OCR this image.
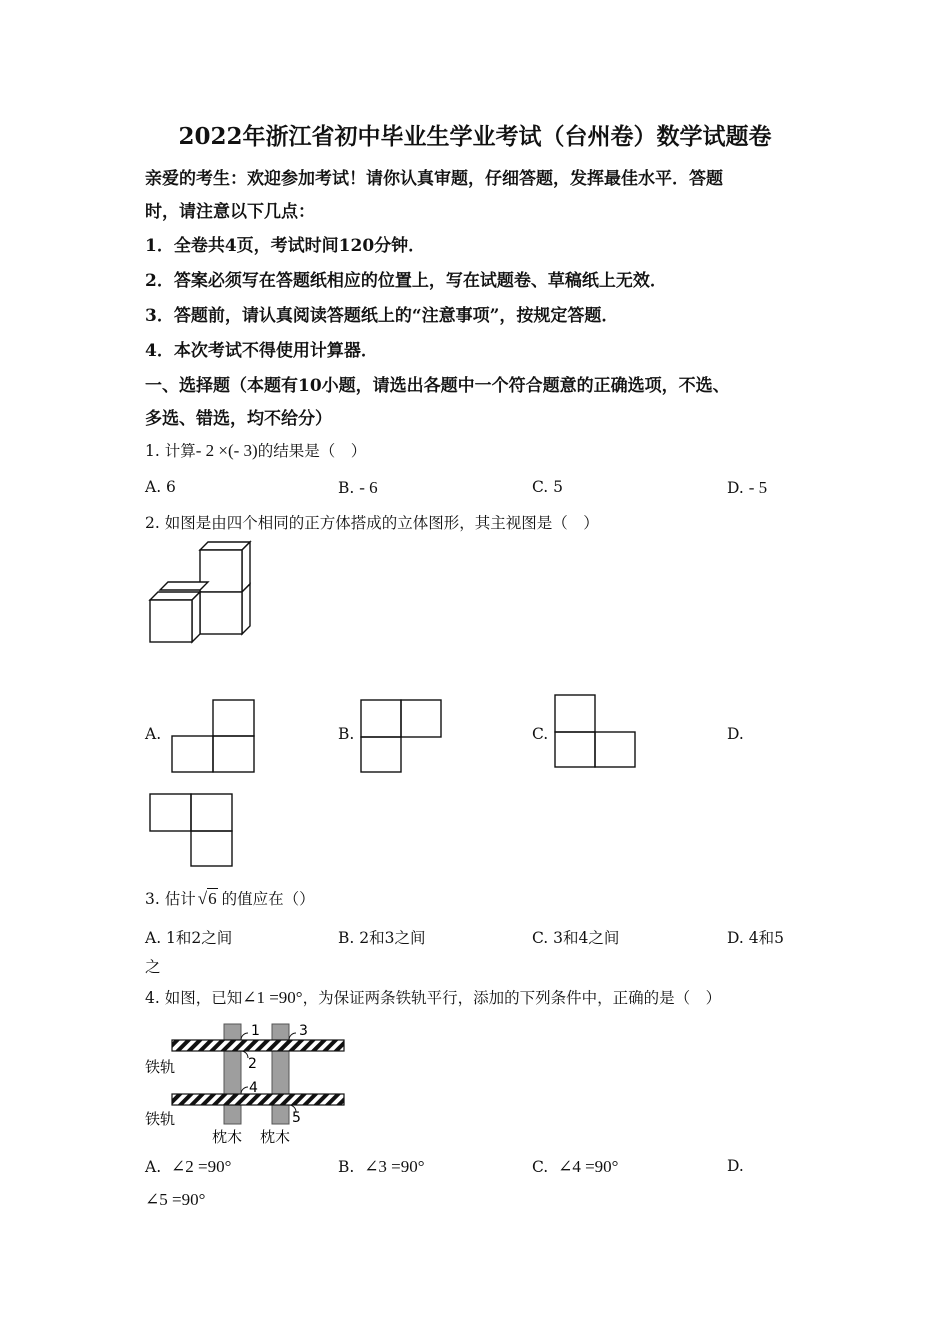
2022年浙江省初中毕业生学业考试（台州卷）数学试题卷
亲爱的考生：欢迎参加考试！请你认真审题，仔细答题，发挥最佳水平．答题
时，请注意以下几点：
1．全卷共4页，考试时间120分钟．
2．答案必须写在答题纸相应的位置上，写在试题卷、草稿纸上无效．
3．答题前，请认真阅读答题纸上的“注意事项”，按规定答题．
4．本次考试不得使用计算器．
一、选择题（本题有10小题，请选出各题中一个符合题意的正确选项，不选、
多选、错选，均不给分）
1. 计算- 2 ×(- 3)的结果是（　）
A. 6	B. - 6	C. 5	D. - 5
2. 如图是由四个相同的正方体搭成的立体图形，其主视图是（　）
A.	B.	C.	D.
3. 估计 √6 的值应在（）
A. 1和2之间	B. 2和3之间	C. 3和4之间	D. 4和5
之
4. 如图，已知∠1 =90°，为保证两条铁轨平行，添加的下列条件中，正确的是（　）
1	3
2
4
5
铁轨
铁轨
枕木 枕木
A. ∠2 =90°	B. ∠3 =90°	C. ∠4 =90°	D.
∠5 =90°
